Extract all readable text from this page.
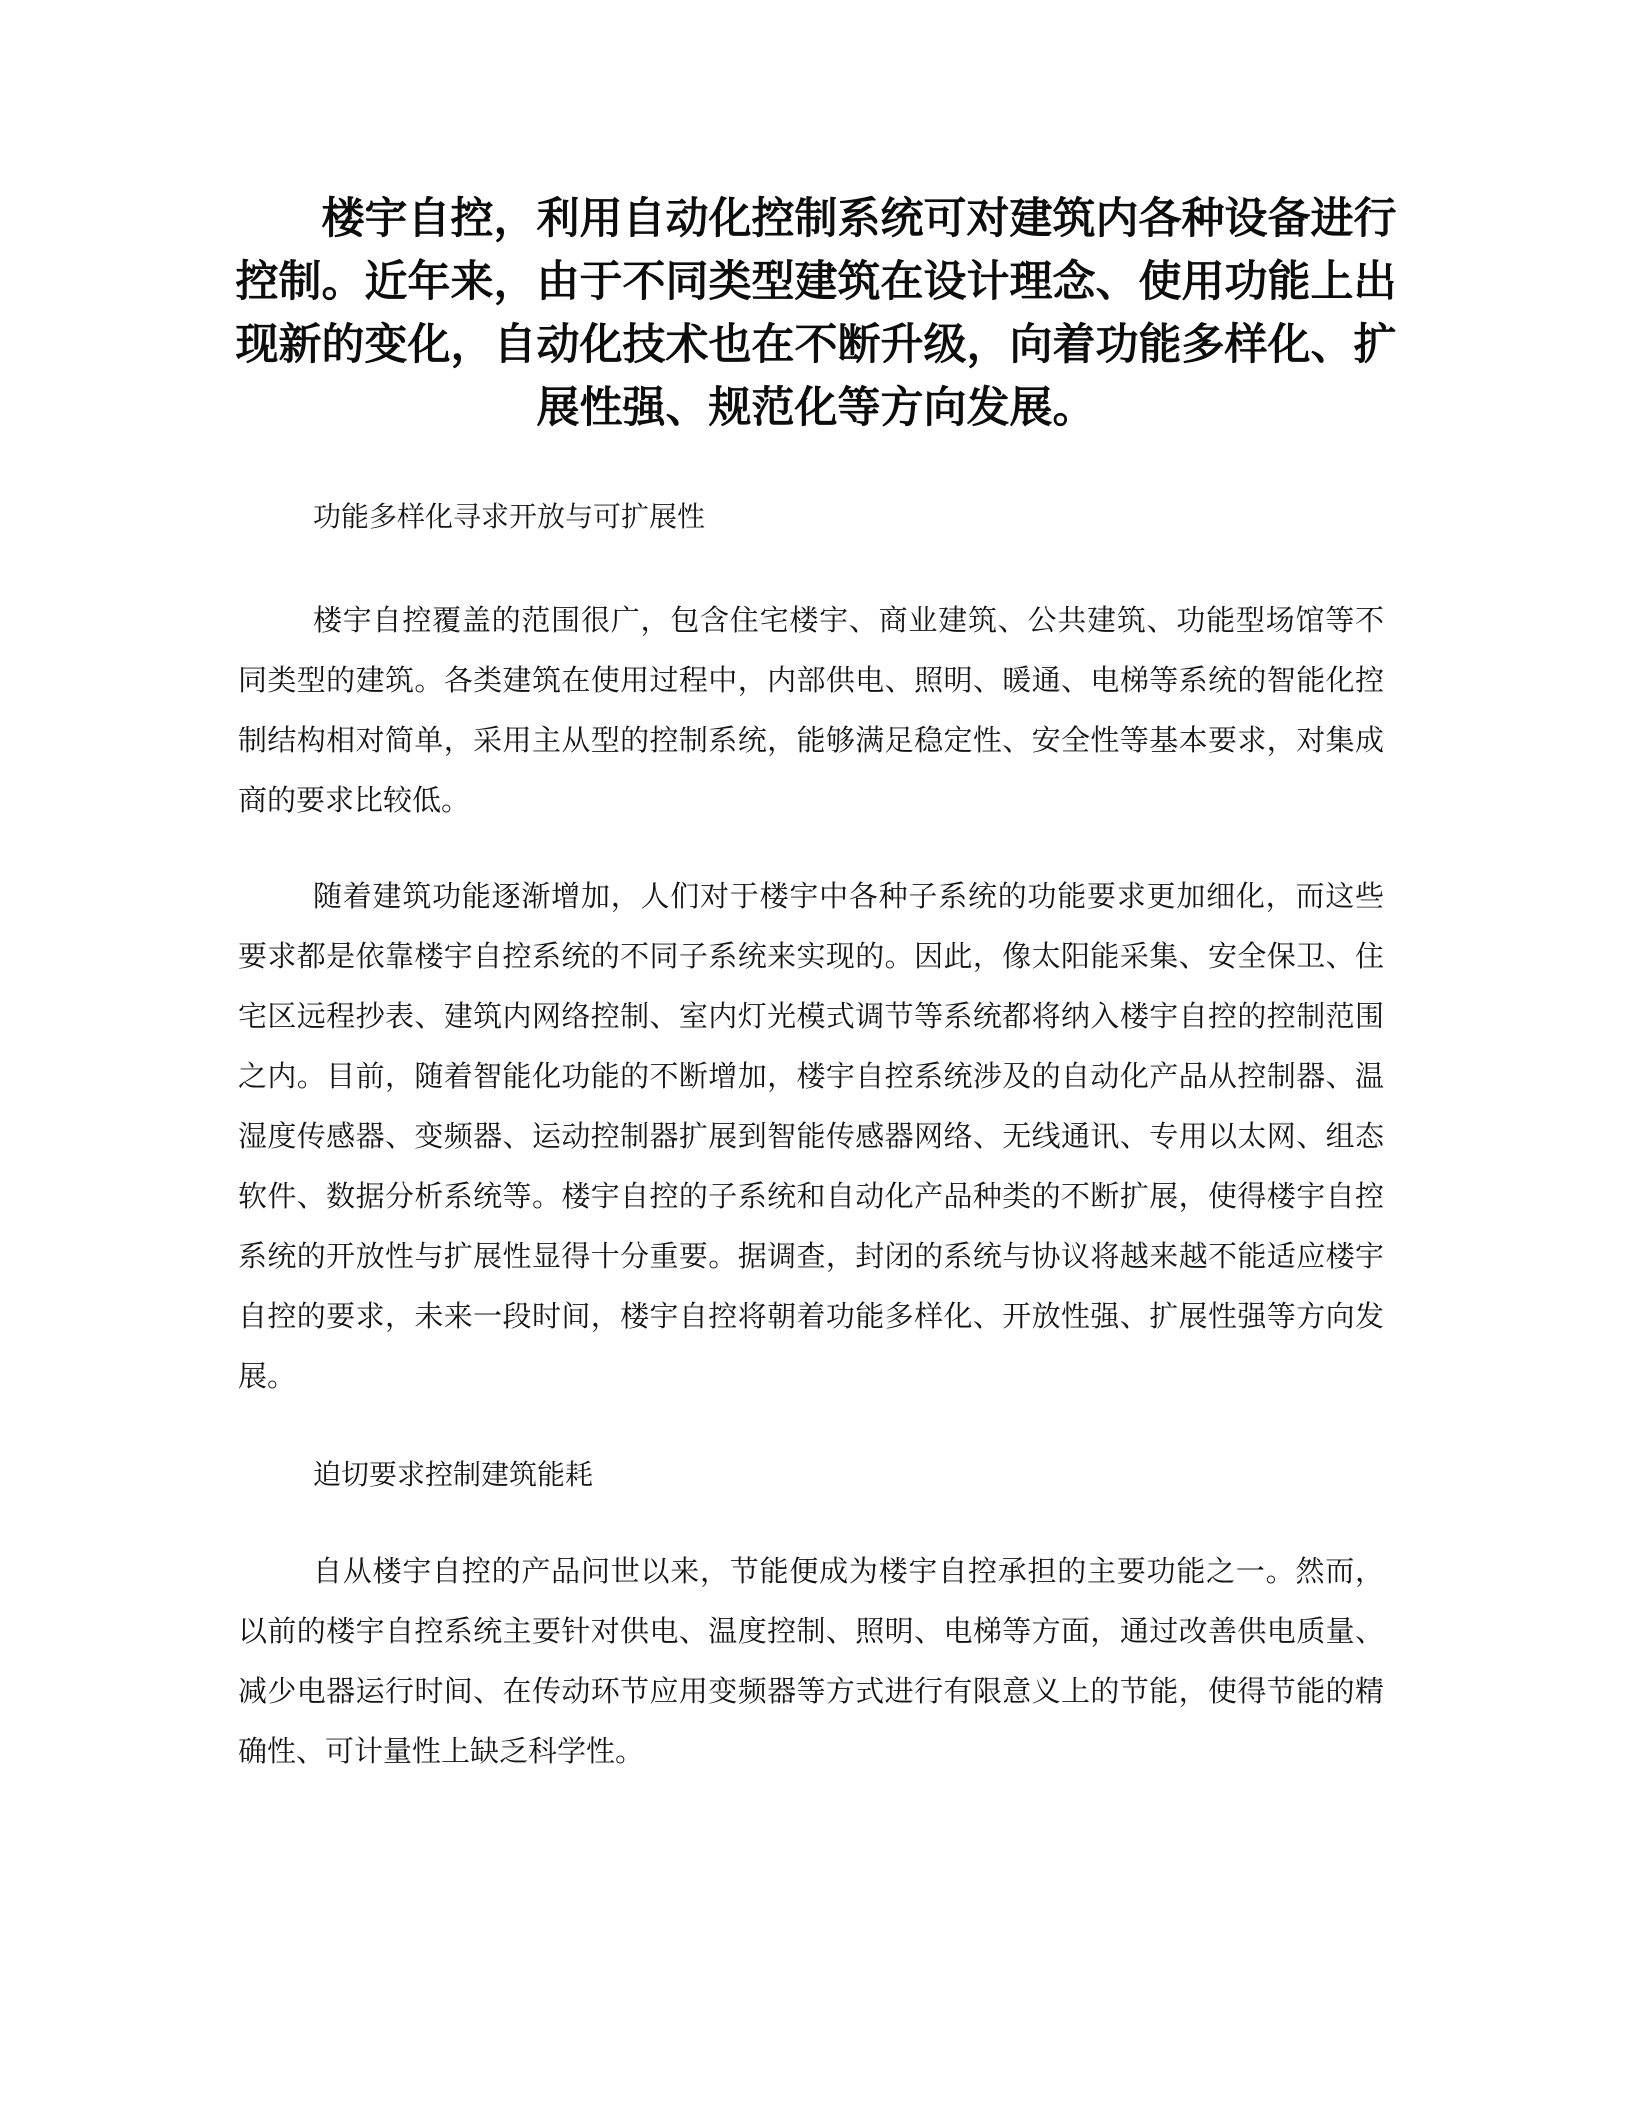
楼宇自控，利用自动化控制系统可对建筑内各种设备进行控制。近年来，由于不同类型建筑在设计理念、使用功能上出现新的变化，自动化技术也在不断升级，向着功能多样化、扩展性强、规范化等方向发展。
功能多样化寻求开放与可扩展性

楼宇自控覆盖的范围很广，包含住宅楼宇、商业建筑、公共建筑、功能型场馆等不同类型的建筑。各类建筑在使用过程中，内部供电、照明、暖通、电梯等系统的智能化控制结构相对简单，采用主从型的控制系统，能够满足稳定性、安全性等基本要求，对集成商的要求比较低。

随着建筑功能逐渐增加，人们对于楼宇中各种子系统的功能要求更加细化，而这些要求都是依靠楼宇自控系统的不同子系统来实现的。因此，像太阳能采集、安全保卫、住宅区远程抄表、建筑内网络控制、室内灯光模式调节等系统都将纳入楼宇自控的控制范围之内。目前，随着智能化功能的不断增加，楼宇自控系统涉及的自动化产品从控制器、温湿度传感器、变频器、运动控制器扩展到智能传感器网络、无线通讯、专用以太网、组态软件、数据分析系统等。楼宇自控的子系统和自动化产品种类的不断扩展，使得楼宇自控系统的开放性与扩展性显得十分重要。据调查，封闭的系统与协议将越来越不能适应楼宇自控的要求，未来一段时间，楼宇自控将朝着功能多样化、开放性强、扩展性强等方向发展。

迫切要求控制建筑能耗

自从楼宇自控的产品问世以来，节能便成为楼宇自控承担的主要功能之一。然而，以前的楼宇自控系统主要针对供电、温度控制、照明、电梯等方面，通过改善供电质量、减少电器运行时间、在传动环节应用变频器等方式进行有限意义上的节能，使得节能的精确性、可计量性上缺乏科学性。
